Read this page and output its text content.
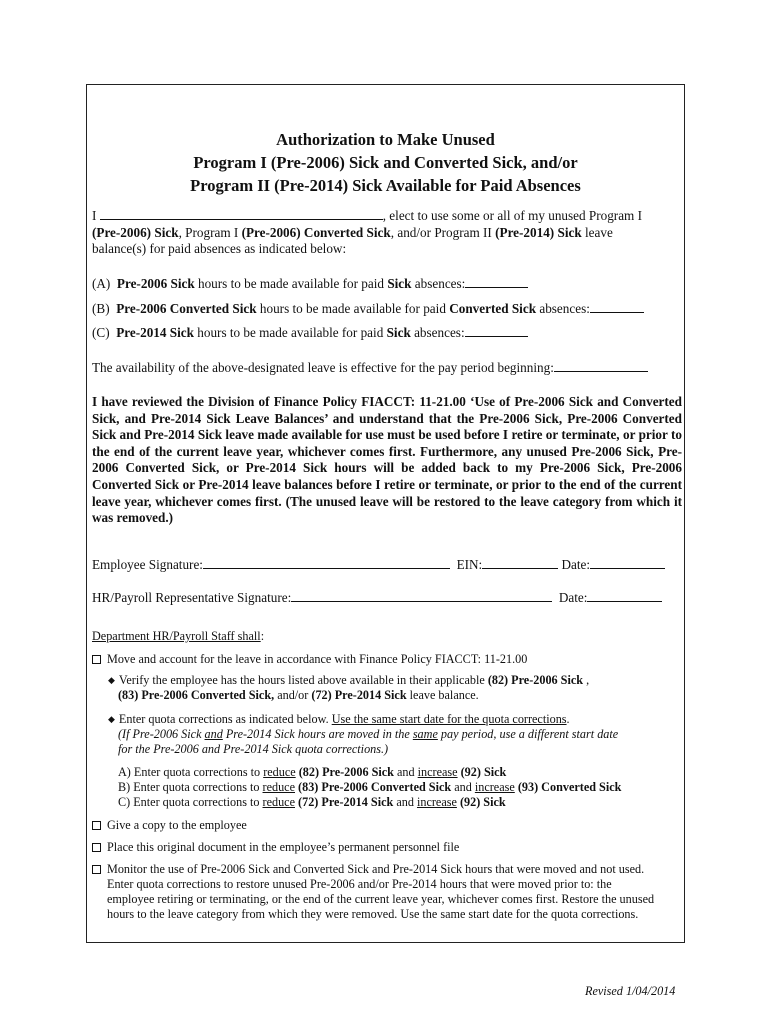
Authorization to Make Unused
Program I (Pre-2006) Sick and Converted Sick, and/or
Program II (Pre-2014) Sick Available for Paid Absences
I	, elect to use some or all of my unused Program I
(Pre-2006) Sick, Program I (Pre-2006) Converted Sick, and/or Program II (Pre-2014) Sick leave
balance(s) for paid absences as indicated below:
(A) Pre-2006 Sick hours to be made available for paid Sick absences:
(B) Pre-2006 Converted Sick hours to be made available for paid Converted Sick absences:
(C) Pre-2014 Sick hours to be made available for paid Sick absences:
The availability of the above-designated leave is effective for the pay period beginning:
I have reviewed the Division of Finance Policy FIACCT: 11-21.00 ‘Use of Pre-2006 Sick and Converted Sick, and Pre-2014 Sick Leave Balances’ and understand that the Pre-2006 Sick, Pre-2006 Converted Sick and Pre-2014 Sick leave made available for use must be used before I retire or terminate, or prior to the end of the current leave year, whichever comes first. Furthermore, any unused Pre-2006 Sick, Pre-2006 Converted Sick, or Pre-2014 Sick hours will be added back to my Pre-2006 Sick, Pre-2006 Converted Sick or Pre-2014 leave balances before I retire or terminate, or prior to the end of the current leave year, whichever comes first. (The unused leave will be restored to the leave category from which it was removed.)
Employee Signature:	EIN:	Date:
HR/Payroll Representative Signature:	Date:
Department HR/Payroll Staff shall:
Move and account for the leave in accordance with Finance Policy FIACCT: 11-21.00
◆ Verify the employee has the hours listed above available in their applicable (82) Pre-2006 Sick ,
(83) Pre-2006 Converted Sick, and/or (72) Pre-2014 Sick leave balance.
◆ Enter quota corrections as indicated below. Use the same start date for the quota corrections.
(If Pre-2006 Sick and Pre-2014 Sick hours are moved in the same pay period, use a different start date
for the Pre-2006 and Pre-2014 Sick quota corrections.)
A) Enter quota corrections to reduce (82) Pre-2006 Sick and increase (92) Sick
B) Enter quota corrections to reduce (83) Pre-2006 Converted Sick and increase (93) Converted Sick
C) Enter quota corrections to reduce (72) Pre-2014 Sick and increase (92) Sick
Give a copy to the employee
Place this original document in the employee’s permanent personnel file
Monitor the use of Pre-2006 Sick and Converted Sick and Pre-2014 Sick hours that were moved and not used.
Enter quota corrections to restore unused Pre-2006 and/or Pre-2014 hours that were moved prior to: the
employee retiring or terminating, or the end of the current leave year, whichever comes first. Restore the unused
hours to the leave category from which they were removed. Use the same start date for the quota corrections.
Revised 1/04/2014
